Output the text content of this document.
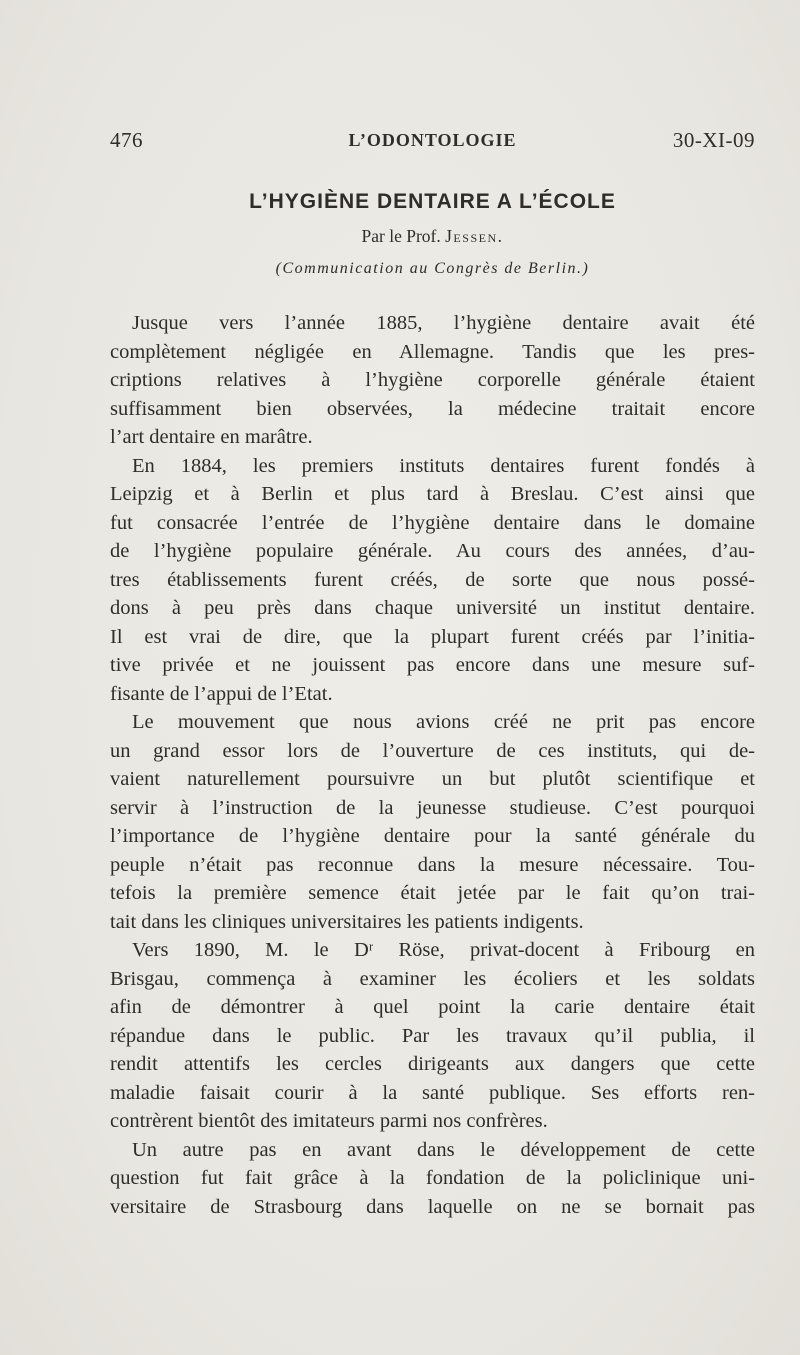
476	L’ODONTOLOGIE	30-XI-09
L’HYGIÈNE DENTAIRE A L’ÉCOLE
Par le Prof. Jessen.
(Communication au Congrès de Berlin.)

Jusque vers l’année 1885, l’hygiène dentaire avait été
complètement négligée en Allemagne. Tandis que les pres-
criptions relatives à l’hygiène corporelle générale étaient
suffisamment bien observées, la médecine traitait encore
l’art dentaire en marâtre.

En 1884, les premiers instituts dentaires furent fondés à
Leipzig et à Berlin et plus tard à Breslau. C’est ainsi que
fut consacrée l’entrée de l’hygiène dentaire dans le domaine
de l’hygiène populaire générale. Au cours des années, d’au-
tres établissements furent créés, de sorte que nous possé-
dons à peu près dans chaque université un institut dentaire.
Il est vrai de dire, que la plupart furent créés par l’initia-
tive privée et ne jouissent pas encore dans une mesure suf-
fisante de l’appui de l’Etat.

Le mouvement que nous avions créé ne prit pas encore
un grand essor lors de l’ouverture de ces instituts, qui de-
vaient naturellement poursuivre un but plutôt scientifique et
servir à l’instruction de la jeunesse studieuse. C’est pourquoi
l’importance de l’hygiène dentaire pour la santé générale du
peuple n’était pas reconnue dans la mesure nécessaire. Tou-
tefois la première semence était jetée par le fait qu’on trai-
tait dans les cliniques universitaires les patients indigents.

Vers 1890, M. le Dʳ Röse, privat-docent à Fribourg en
Brisgau, commença à examiner les écoliers et les soldats
afin de démontrer à quel point la carie dentaire était
répandue dans le public. Par les travaux qu’il publia, il
rendit attentifs les cercles dirigeants aux dangers que cette
maladie faisait courir à la santé publique. Ses efforts ren-
contrèrent bientôt des imitateurs parmi nos confrères.

Un autre pas en avant dans le développement de cette
question fut fait grâce à la fondation de la policlinique uni-
versitaire de Strasbourg dans laquelle on ne se bornait pas
